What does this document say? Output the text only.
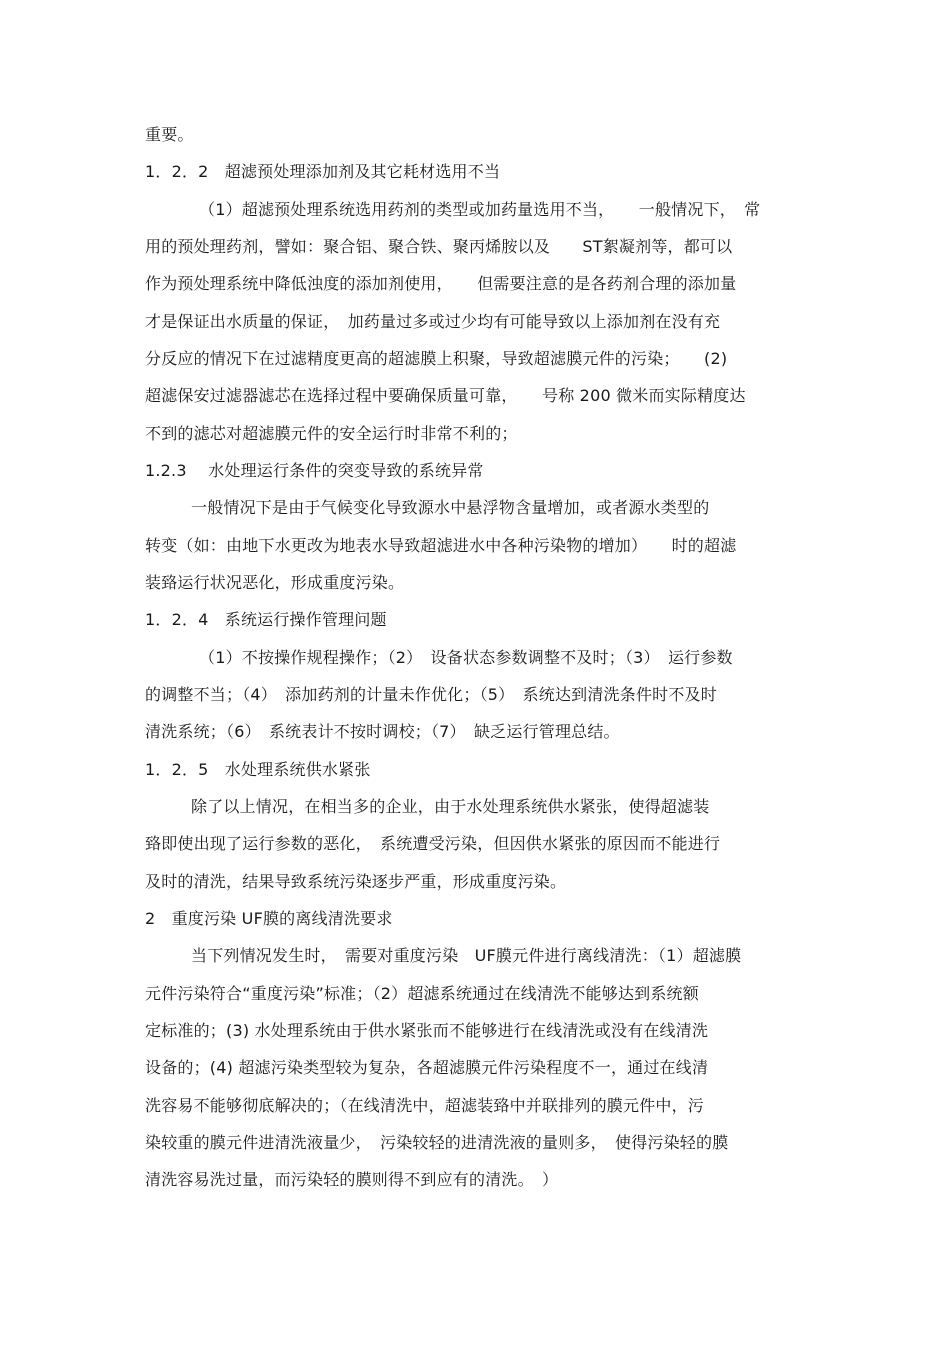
重要。
1．2．2　超滤预处理添加剂及其它耗材选用不当
（1）超滤预处理系统选用药剂的类型或加药量选用不当，　　一般情况下，　常
用的预处理药剂，譬如：聚合铝、聚合铁、聚丙烯胺以及　　ST絮凝剂等，都可以
作为预处理系统中降低浊度的添加剂使用，　　但需要注意的是各药剂合理的添加量
才是保证出水质量的保证，　加药量过多或过少均有可能导致以上添加剂在没有充
分反应的情况下在过滤精度更高的超滤膜上积聚，导致超滤膜元件的污染；　　(2)
超滤保安过滤器滤芯在选择过程中要确保质量可靠，　　号称 200 微米而实际精度达
不到的滤芯对超滤膜元件的安全运行时非常不利的；
1.2.3　 水处理运行条件的突变导致的系统异常
一般情况下是由于气候变化导致源水中悬浮物含量增加，或者源水类型的
转变（如：由地下水更改为地表水导致超滤进水中各种污染物的增加）　　时的超滤
装臵运行状况恶化，形成重度污染。
1．2．4　系统运行操作管理问题
（1）不按操作规程操作；（2）　设备状态参数调整不及时；（3）　运行参数
的调整不当；（4）　添加药剂的计量未作优化；（5）　系统达到清洗条件时不及时
清洗系统；（6）　系统表计不按时调校；（7）　缺乏运行管理总结。
1．2．5　水处理系统供水紧张
除了以上情况，在相当多的企业，由于水处理系统供水紧张，使得超滤装
臵即使出现了运行参数的恶化，　系统遭受污染，但因供水紧张的原因而不能进行
及时的清洗，结果导致系统污染逐步严重，形成重度污染。
2　重度污染 UF膜的离线清洗要求
当下列情况发生时，　需要对重度污染　UF膜元件进行离线清洗：（1）超滤膜
元件污染符合“重度污染”标准；（2）超滤系统通过在线清洗不能够达到系统额
定标准的；(3) 水处理系统由于供水紧张而不能够进行在线清洗或没有在线清洗
设备的；(4) 超滤污染类型较为复杂，各超滤膜元件污染程度不一，通过在线清
洗容易不能够彻底解决的；（在线清洗中，超滤装臵中并联排列的膜元件中，污
染较重的膜元件进清洗液量少，　污染较轻的进清洗液的量则多，　使得污染轻的膜
清洗容易洗过量，而污染轻的膜则得不到应有的清洗。　）
